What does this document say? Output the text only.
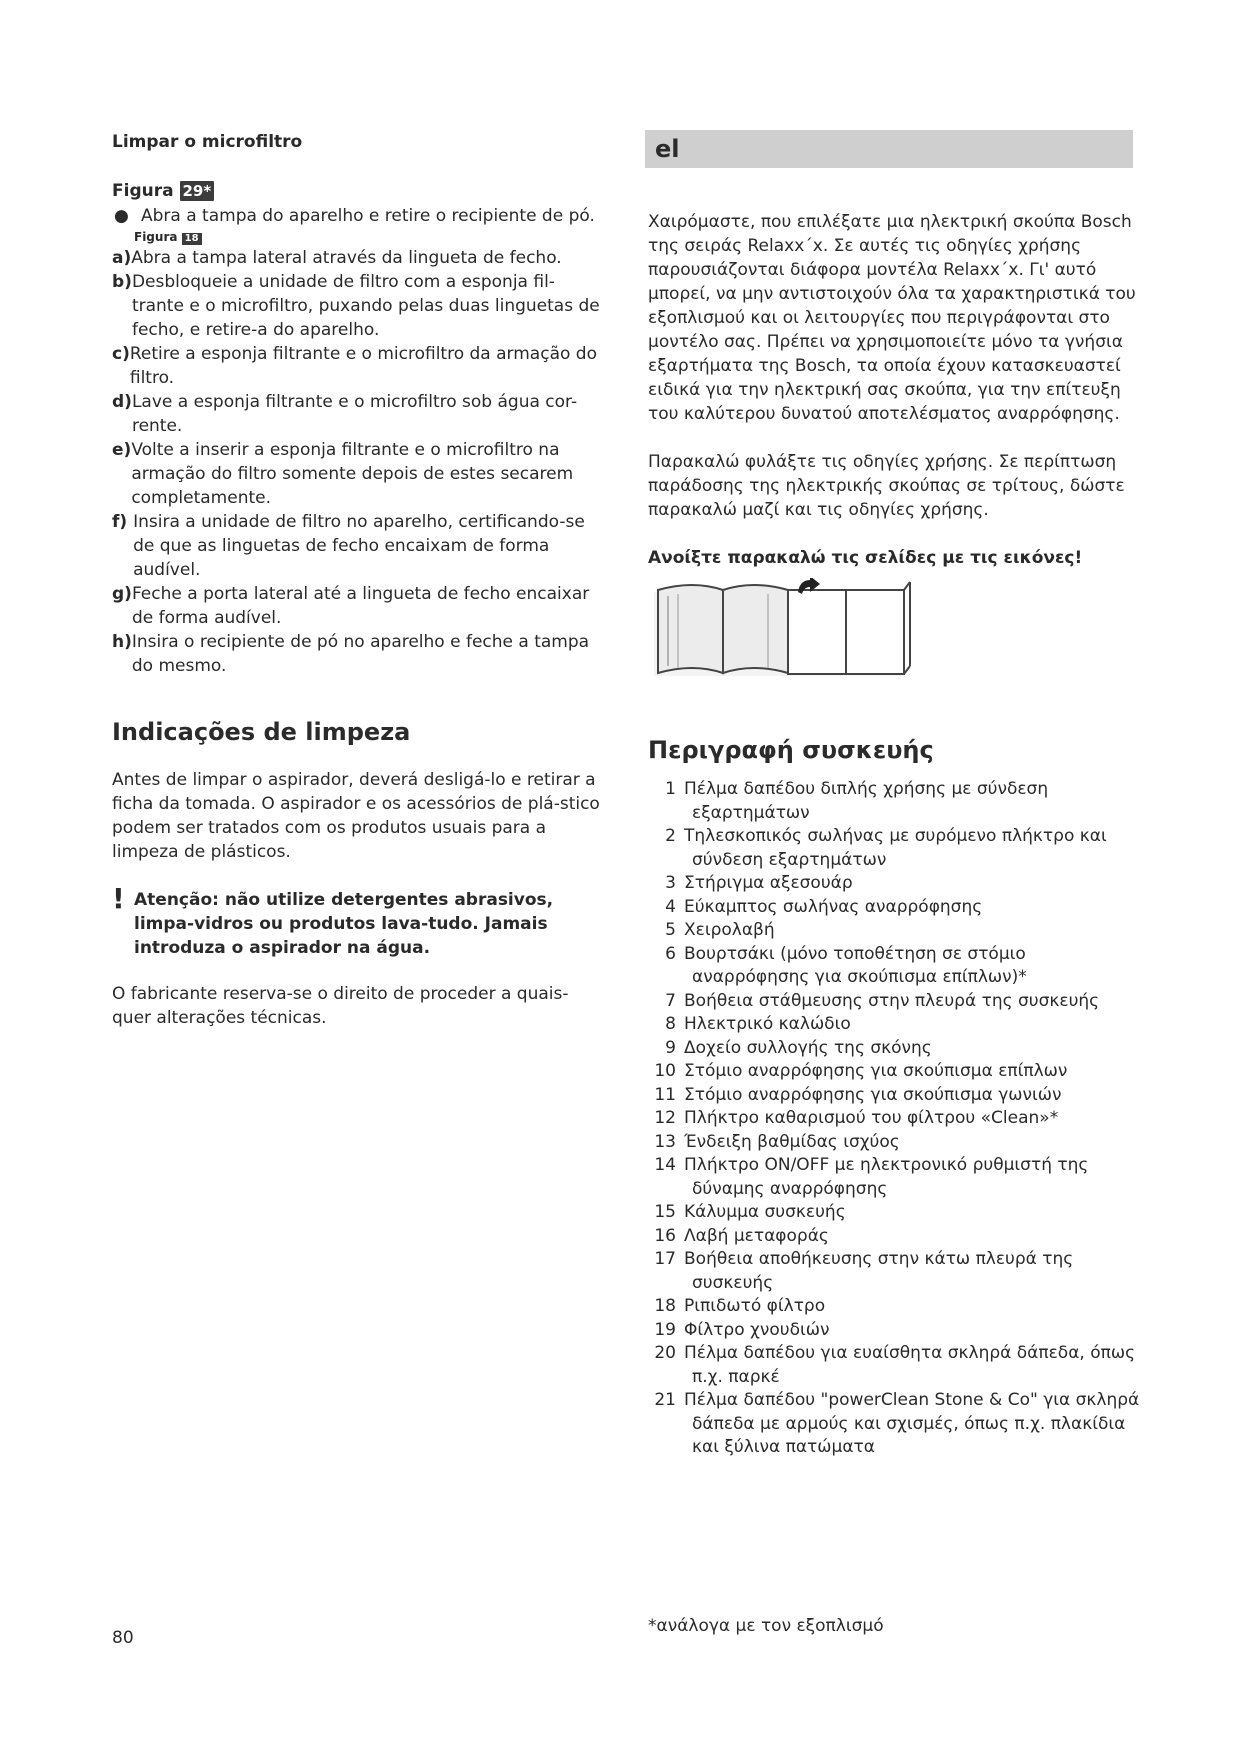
Limpar o microfiltro

Figura 29*
● Abra a tampa do aparelho e retire o recipiente de pó.
Figura 18
a) Abra a tampa lateral através da lingueta de fecho.
b) Desbloqueie a unidade de filtro com a esponja fil-trante e o microfiltro, puxando pelas duas linguetas de fecho, e retire-a do aparelho.
c) Retire a esponja filtrante e o microfiltro da armação do filtro.
d) Lave a esponja filtrante e o microfiltro sob água cor-rente.
e) Volte a inserir a esponja filtrante e o microfiltro na armação do filtro somente depois de estes secarem completamente.
f) Insira a unidade de filtro no aparelho, certificando-se de que as linguetas de fecho encaixam de forma audível.
g) Feche a porta lateral até a lingueta de fecho encaixar de forma audível.
h) Insira o recipiente de pó no aparelho e feche a tampa do mesmo.
Indicações de limpeza

Antes de limpar o aspirador, deverá desligá-lo e retirar a ficha da tomada. O aspirador e os acessórios de plá-stico podem ser tratados com os produtos usuais para a limpeza de plásticos.

! Atenção: não utilize detergentes abrasivos, limpa-vidros ou produtos lava-tudo. Jamais introduza o aspirador na água.

O fabricante reserva-se o direito de proceder a quais-quer alterações técnicas.

80
el

Χαιρόμαστε, που επιλέξατε μια ηλεκτρική σκούπα Bosch της σειράς Relaxx´x. Σε αυτές τις οδηγίες χρήσης παρουσιάζονται διάφορα μοντέλα Relaxx´x. Γι' αυτό μπορεί, να μην αντιστοιχούν όλα τα χαρακτηριστικά του εξοπλισμού και οι λειτουργίες που περιγράφονται στο μοντέλο σας. Πρέπει να χρησιμοποιείτε μόνο τα γνήσια εξαρτήματα της Bosch, τα οποία έχουν κατασκευαστεί ειδικά για την ηλεκτρική σας σκούπα, για την επίτευξη του καλύτερου δυνατού αποτελέσματος αναρρόφησης.

Παρακαλώ φυλάξτε τις οδηγίες χρήσης. Σε περίπτωση παράδοσης της ηλεκτρικής σκούπας σε τρίτους, δώστε παρακαλώ μαζί και τις οδηγίες χρήσης.

Ανοίξτε παρακαλώ τις σελίδες με τις εικόνες!

Περιγραφή συσκευής
1 Πέλμα δαπέδου διπλής χρήσης με σύνδεση εξαρτημάτων
2 Τηλεσκοπικός σωλήνας με συρόμενο πλήκτρο και σύνδεση εξαρτημάτων
3 Στήριγμα αξεσουάρ
4 Εύκαμπτος σωλήνας αναρρόφησης
5 Χειρολαβή
6 Βουρτσάκι (μόνο τοποθέτηση σε στόμιο αναρρόφησης για σκούπισμα επίπλων)*
7 Βοήθεια στάθμευσης στην πλευρά της συσκευής
8 Ηλεκτρικό καλώδιο
9 Δοχείο συλλογής της σκόνης
10 Στόμιο αναρρόφησης για σκούπισμα επίπλων
11 Στόμιο αναρρόφησης για σκούπισμα γωνιών
12 Πλήκτρο καθαρισμού του φίλτρου «Clean»*
13 Ένδειξη βαθμίδας ισχύος
14 Πλήκτρο ON/OFF με ηλεκτρονικό ρυθμιστή της δύναμης αναρρόφησης
15 Κάλυμμα συσκευής
16 Λαβή μεταφοράς
17 Βοήθεια αποθήκευσης στην κάτω πλευρά της συσκευής
18 Ριπιδωτό φίλτρο
19 Φίλτρο χνουδιών
20 Πέλμα δαπέδου για ευαίσθητα σκληρά δάπεδα, όπως π.χ. παρκέ
21 Πέλμα δαπέδου "powerClean Stone & Co" για σκληρά δάπεδα με αρμούς και σχισμές, όπως π.χ. πλακίδια και ξύλινα πατώματα
*ανάλογα με τον εξοπλισμό
